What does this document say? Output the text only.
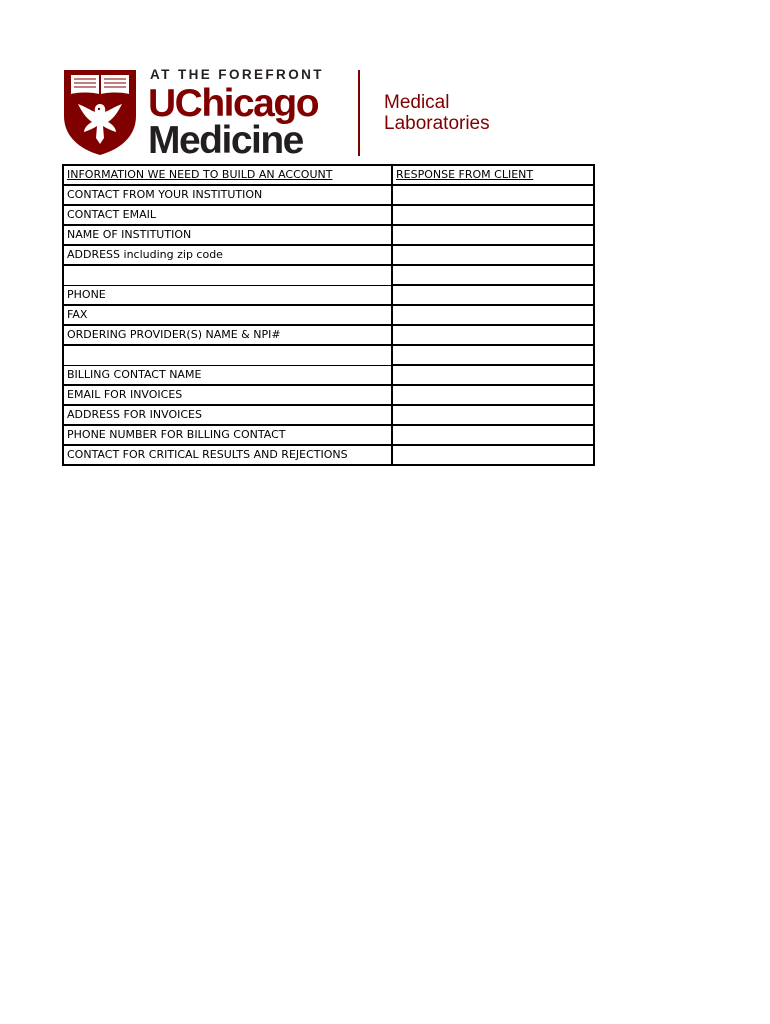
AT THE FOREFRONT
UChicago
Medicine
Medical
Laboratories
INFORMATION WE NEED TO BUILD AN ACCOUNT	RESPONSE FROM CLIENT
CONTACT FROM YOUR INSTITUTION	
CONTACT EMAIL	
NAME OF INSTITUTION	
ADDRESS including zip code	

PHONE	
FAX	
ORDERING PROVIDER(S) NAME & NPI#	

BILLING CONTACT NAME	
EMAIL FOR INVOICES	
ADDRESS FOR INVOICES	
PHONE NUMBER FOR BILLING CONTACT	
CONTACT FOR CRITICAL RESULTS AND REJECTIONS	
